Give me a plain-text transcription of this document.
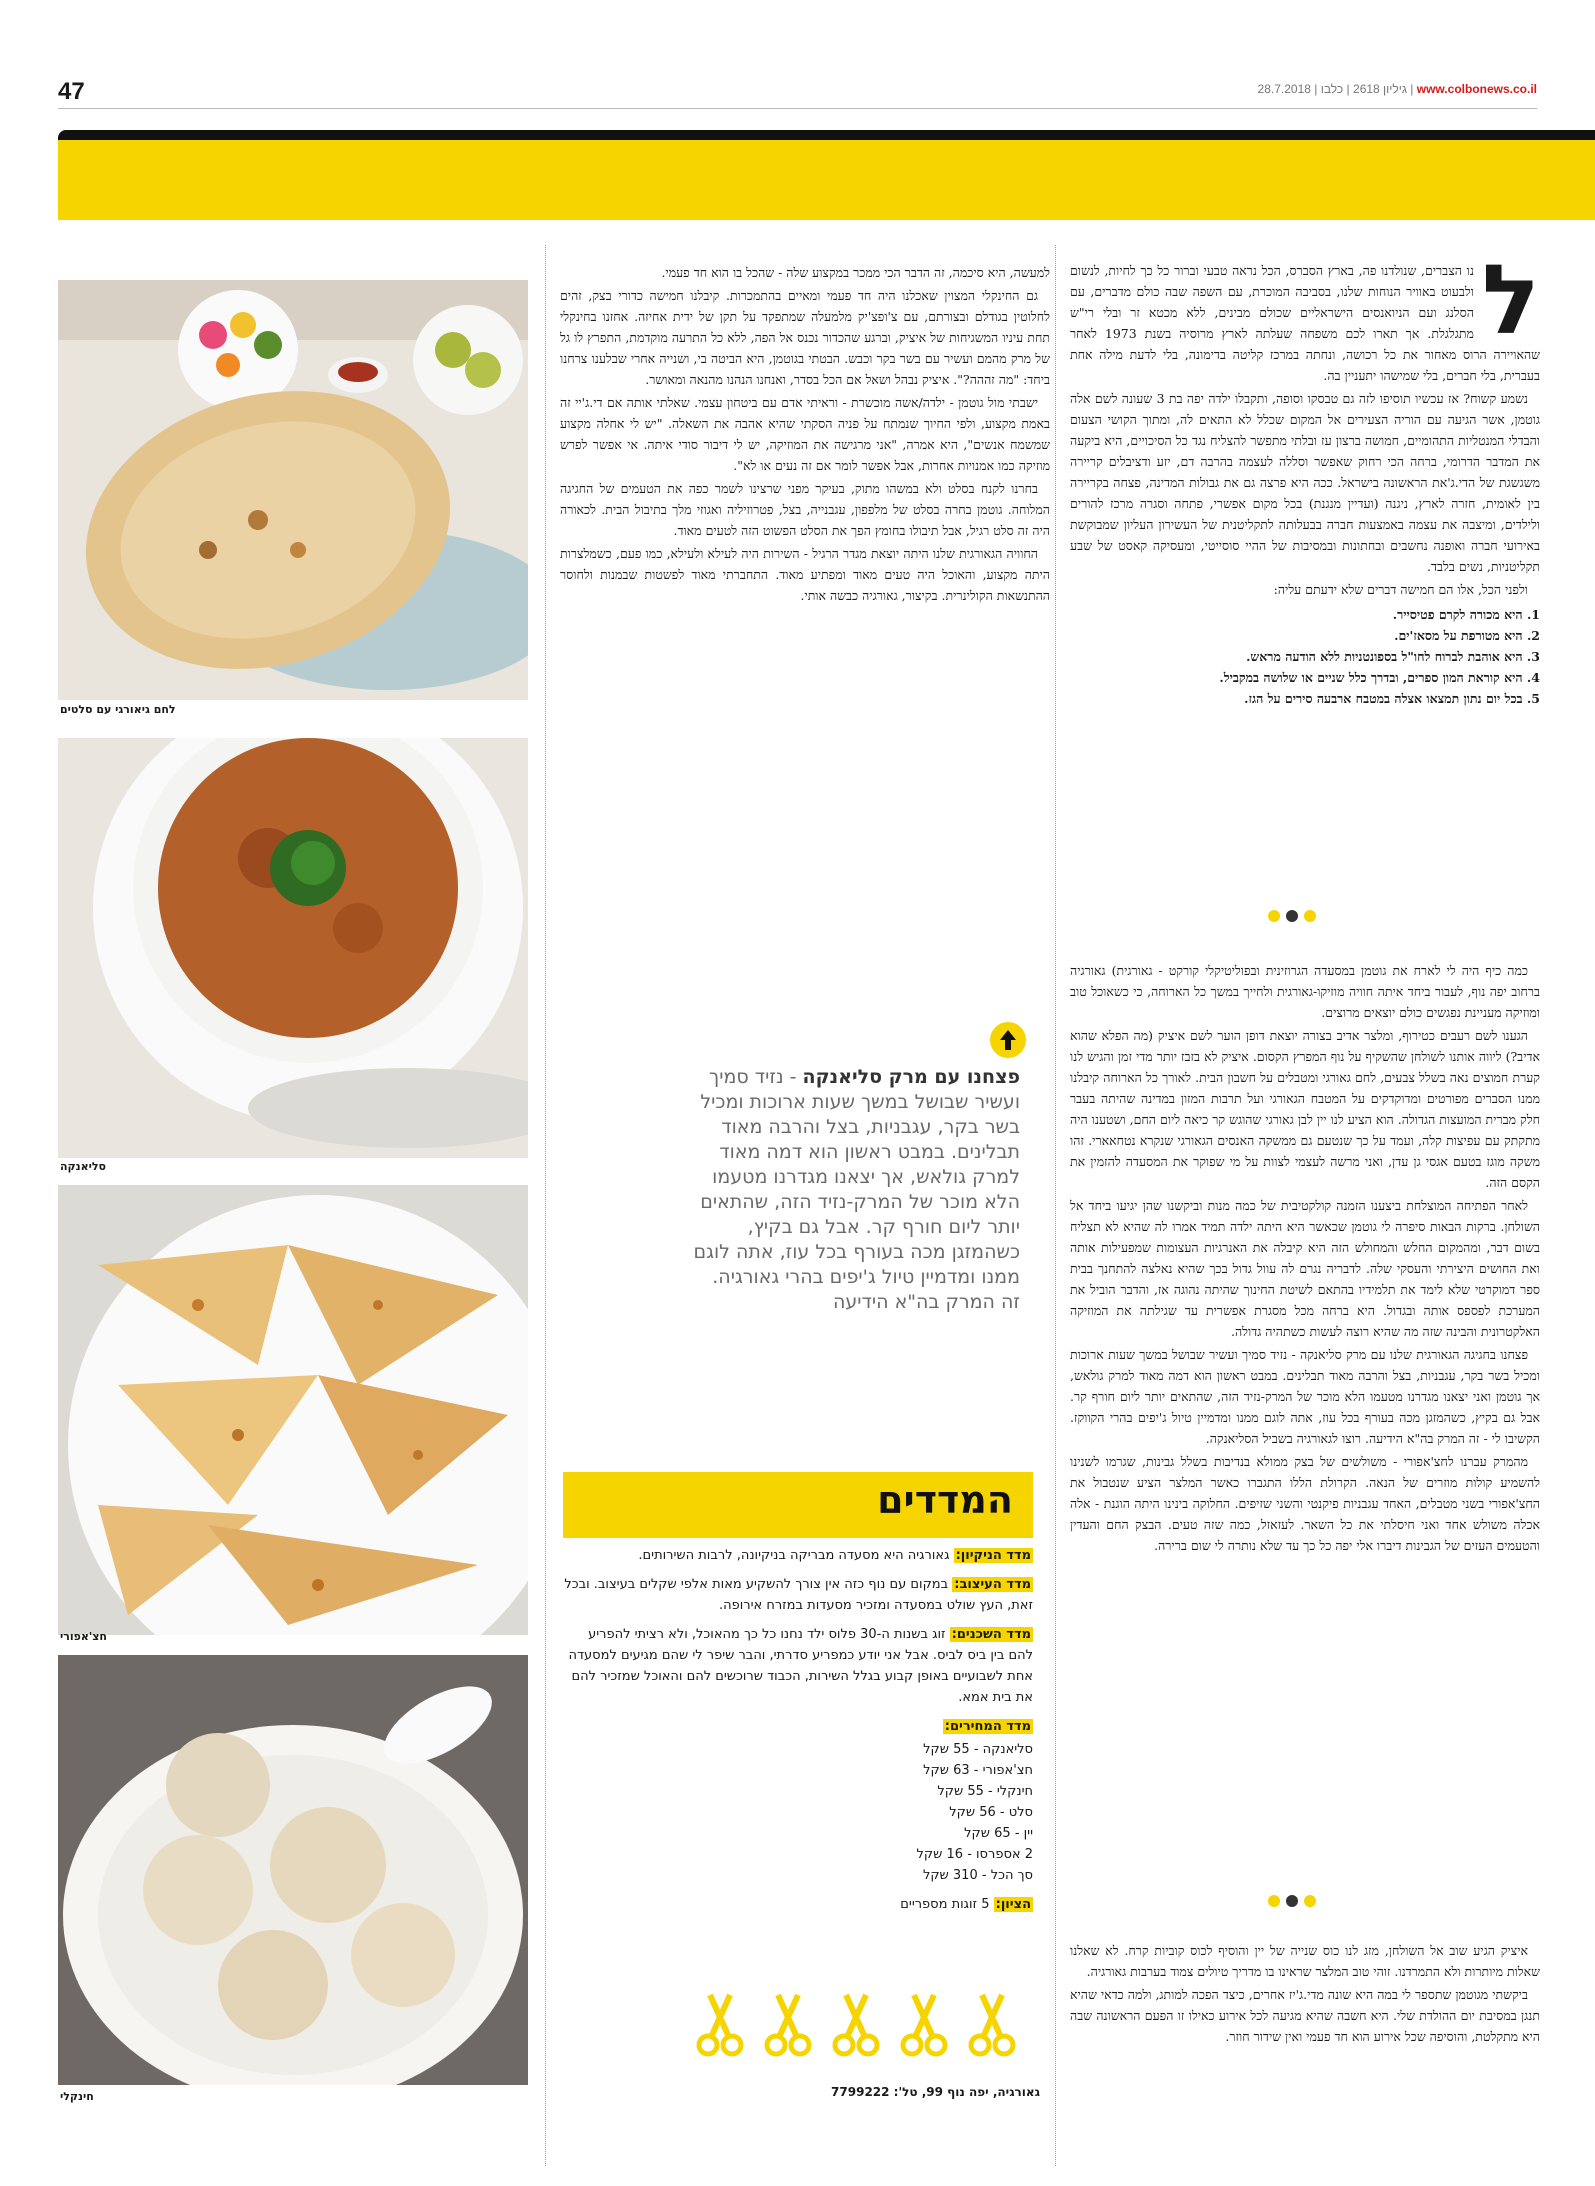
47	28.7.2018 |	גיליון 2618 | כלבו	| www.colbonews.co.il
ל

נו הצברים, שנולדנו פה, בארץ הסברס, הכל נראה טבעי וברור כל כך לחיות, לנשום ולבעוט באוויר הנוחות שלנו, בסביבה המוכרת, עם השפה שבה כולם מדברים, עם הסלנג ועם הניואנסים הישראליים שכולם מבינים, ללא מכטא זר ובלי רי"ש מתגלגלת. אך תארו לכם משפחה שעלתה לארץ מרוסיה בשנת 1973 לאחר שהאויירה הרוס מאחור את כל רכושה, ונחתה במרכז קליטה בדימונה, בלי לדעת מילה אחת בעברית, בלי חברים, בלי שמישהו יתעניין בה.

נשמע קשוח? אז עכשיו תוסיפו לזה גם טבסקו וסופה, ותקבלו ילדה יפה בת 3 שעונה לשם אלה גוטמן, אשר הגיעה עם הוריה הצעירים אל המקום שכלל לא התאים לה, ומתוך הקושי הצעום והבדלי המנטליות התהומיים, חמושה ברצון עז ובלתי מתפשר להצליח נגד כל הסיכויים, היא ביקעה את המדבר הדרומי, ברחה הכי רחוק שאפשר וסללה לעצמה בהרבה דם, יזע ודציבלים קריירה משגשגת של הדי.ג'את הראשונה בישראל. ככה היא פרצה גם את גבולות המדינה, פצחה בקריירה בין לאומית, חזרה לארץ, ניגנה (ועדיין מנגנת) בכל מקום אפשרי, פתחה וסגרה מרכז להורים ולילדים, ומיצבה את עצמה באמצעות חברה בבעלותה לתקליטנית של העשירון העליון שמבוקשת באירועי חברה ואופנה נחשבים ובחתונות ובמסיבות של ההיי סוסייטי, ומעסיקה קאסט של שבע תקליטניות, נשים בלבד.

ולפני הכל, אלו הם חמישה דברים שלא ידעתם עליה:

1. היא מכורה לקרם פטיסייר.
2. היא מטורפת על מסאז'ים.
3. היא אוהבת לברוח לחו"ל בספונטניות ללא הודעה מראש.
4. היא קוראת המון ספרים, ובדרך כלל שניים או שלושה במקביל.
5. בכל יום נתון תמצאו אצלה במטבח ארבעה סירים על הגז.

כמה כיף היה לי לארח את גוטמן במסעדה הגרוזינית ובפוליטיקלי קורקט - גאורגית) גאורגיה ברחוב יפה נוף, לעבור ביחד איתה חוויה מוזיקו-גאורגית ולחייך במשך כל הארוחה, כי כשאוכל טוב ומוזיקה מעניינת נפגשים כולם יוצאים מרוצים.

הגענו לשם רעבים כטירוף, ומלצר אדיב בצורה יוצאת דופן הוער לשם איציק (מה הפלא שהוא אדיב?) ליווה אותנו לשולחן שהשקיף על נוף המפרץ הקסום. איציק לא בזבז יותר מדי זמן והגיש לנו קערת חמוצים נאה בשלל צבעים, לחם גאורגי ומטבלים על חשבון הבית. לאורך כל הארוחה קיבלנו ממנו הסברים מפורטים ומדוקדקים על המטבח הגאורגי ועל תרבות המזון במדינה שהיתה בעבר חלק מברית המועצות הגדולה. הוא הציע לנו יין לבן גאורגי שהוגש קר כיאה ליום החם, ושטענו היה מתקתק עם עפיצות קלה, ועמד על כך שנטעם גם ממשקה האנסים הגאורגי שנקרא נטחאארי. זהו משקה מוגז בטעם אגסי גן עדן, ואני מרשה לעצמי לצוות על מי שפוקר את המסעדה להזמין את הקסם הזה.

לאחר הפתיחה המוצלחת ביצענו הזמנה קולקטיבית של כמה מנות וביקשנו שהן יגיעו ביחד אל השולחן. ברקות הבאות סיפרה לי גוטמן שכאשר היא היתה ילדה תמיד אמרו לה שהיא לא תצליח בשום דבר, ומהמקום החלש והמחולש הזה היא קיבלה את האנרגיות העצומות שמפעילות אותה ואת החושים היצירתי והעסקי שלה. לדבריה נגרם לה עוול גדול בכך שהיא נאלצה להתחנך בבית ספר דמוקרטי שלא לימד את תלמידיו בהתאם לשיטת החינוך שהיתה נהוגה אז, והדבר הוביל את המערכת לפספס אותה ובגדול. היא ברחה מכל מסגרת אפשרית עד שגילתה את המוזיקה האלקטרונית והבינה שזה מה שהיא רוצה לעשות כשתהיה גדולה.

פצחנו בחגיגה הגאורגית שלנו עם מרק סליאנקה - נזיד סמיך ועשיר שבושל במשך שעות ארוכות ומכיל בשר בקר, עגבניות, בצל והרבה מאוד תבלינים. במבט ראשון הוא דמה מאוד למרק גולאש, אך גוטמן ואני יצאנו מגדרנו מטעמו הלא מוכר של המרק-נזיד הזה, שהתאים יותר ליום חורף קר. אבל גם בקיץ, כשהמזגן מכה בעורף בכל עוז, אתה לוגם ממנו ומדמיין טיול ג'יפים בהרי הקווקז. הקשיבו לי - זה המרק בה"א הידיעה. רוצו לגאורגיה בשביל הסליאנקה.

מהמרק עברנו לחצ'אפורי - משולשים של בצק ממולא בנדיבות בשלל גבינות, שגרמו לשנינו להשמיע קולות מוזרים של הנאה. הקרולת הללו התגברו כאשר המלצר הציע שנטבול את החצ'אפורי בשני מטבלים, האחד עגבניות פיקנטי והשני שזיפים. החלוקה בינינו היתה הוגנת - אלה אכלה משולש אחד ואני חיסלתי את כל השאר. לעזאזל, כמה שזה טעים. הבצק החם והעדין והטעמים העזים של הגבינות דיברו אלי יפה כל כך עד שלא נותרה לי שום ברירה.

איציק הגיע שוב אל השולחן, מזג לנו כוס שנייה של יין והוסיף לכוס קוביות קרח. לא שאלנו שאלות מיותרות ולא התמרדנו. זוהי טוב המלצר שראינו בו מדריך טיולים צמוד בערבות גאורגיה.

ביקשתי מגוטמן שתספר לי במה היא שונה מדי.ג'יז אחרים, כיצד הפכה למותג, ולמה כדאי שהיא תנגן במסיבת יום ההולדת שלי. היא חשבה שהיא מגיעה לכל אירוע כאילו זו הפעם הראשונה שבה היא מתקלטת, והוסיפה שכל אירוע הוא חד פעמי ואין שידור חוזר.

למעשה, היא סיכמה, זה הדבר הכי ממכר במקצוע שלה - שהכל בו הוא חד פעמי.

גם החינקלי המצוין שאכלנו היה חד פעמי ומאיים בהתמכרות. קיבלנו חמישה כדורי בצק, זהים לחלוטין בגודלם ובצורתם, עם צ'ופצ'יק מלמעלה שמתפקד על תקן של ידית אחיזה. אחזנו בחינקלי תחת עיניו המשגיחות של איציק, וברגע שהכדור נכנס אל הפה, ללא כל התרעה מוקדמת, התפרץ לו גל של מרק מהמם ועשיר עם בשר בקר וכבש. הבטתי בגוטמן, היא הביטה בי, ושנייה אחרי שבלענו צרחנו ביחד: "מה זההה?". איציק נבהל ושאל אם הכל בסדר, ואנחנו הנהנו מהנאה ומאושר.

ישבתי מול גוטמן - ילדה/אשה מוכשרת - וראיתי אדם עם ביטחון עצמי. שאלתי אותה אם די.ג'יי זה באמת מקצוע, ולפי החיוך שנמתח על פניה הסקתי שהיא אהבה את השאלה. "יש לי אחלה מקצוע שמשמח אנשים", היא אמרה, "אני מרגישה את המוזיקה, יש לי דיבור סודי איתה. אי אפשר לפרש מוזיקה כמו אמנויות אחרות, אבל אפשר לומר אם זה נעים או לא".

בחרנו לקנח בסלט ולא במשהו מתוק, בעיקר מפני שרצינו לשמר כפה את הטעמים של החגיגה המלוחה. גוטמן בחרה בסלט של מלפפון, עגבנייה, בצל, פטרוזיליה ואגוזי מלך בתיבול הבית. לכאורה היה זה סלט רגיל, אבל תיבולו בחומץ הפך את הסלט הפשוט הזה לטעים מאוד.

החוויה הגאורגית שלנו היתה יוצאת מגדר הרגיל - השירות היה לעילא ולעילא, כמו פעם, כשמלצרות היתה מקצוע, והאוכל היה טעים מאוד ומפתיע מאוד. התחברתי מאוד לפשטות שבמנות ולחוסר ההתנשאות הקולינרית. בקיצור, גאורגיה כבשה אותי.

פצחנו עם מרק סליאנקה - נזיד סמיך ועשיר שבושל במשך שעות ארוכות ומכיל בשר בקר, עגבניות, בצל והרבה מאוד תבלינים. במבט ראשון הוא דמה מאוד למרק גולאש, אך יצאנו מגדרנו מטעמו הלא מוכר של המרק-נזיד הזה, שהתאים יותר ליום חורף קר. אבל גם בקיץ, כשהמזגן מכה בעורף בכל עוז, אתה לוגם ממנו ומדמיין טיול ג'יפים בהרי גאורגיה. זה המרק בה"א הידיעה
המדדים

מדד הניקיון: גאורגיה היא מסעדה מבריקה בניקיונה, לרבות השירותים.

מדד העיצוב: במקום עם נוף כזה אין צורך להשקיע מאות אלפי שקלים בעיצוב. ובכל זאת, העץ שולט במסעדה ומזכיר מסעדות במזרח אירופה.

מדד השכנים: זוג בשנות ה-30 פלוס ילד נחנו כל כך מהאוכל, ולא רציתי להפריע להם בין ביס לביס. אבל אני יודע כמפריע סדרתי, והבר שיפר לי שהם מגיעים למסעדה אחת לשבועיים באופן קבוע בגלל השירות, הכבוד שרוכשים להם והאוכל שמזכיר להם את בית אמא.

מדד המחירים:

סליאנקה - 55 שקל
חצ'אפורי - 63 שקל
חינקלי - 55 שקל
סלט - 56 שקל
יין - 65 שקל
2 אספרסו - 16 שקל
סך הכל - 310 שקל

הציון: 5 זוגות מספריים

גאורגיה, יפה נוף 99, טל': 7799222
לחם גיאורגי עם סלטים
סליאנקה
חצ'אפורי
חינקלי
